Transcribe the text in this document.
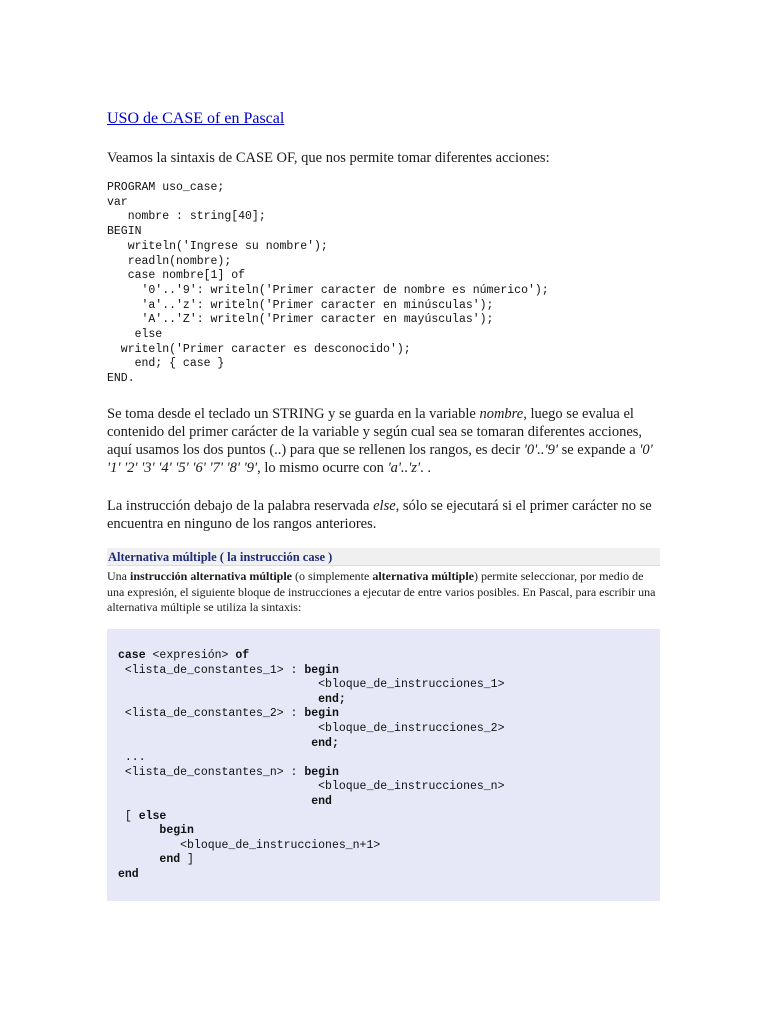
USO de CASE of en Pascal

Veamos la sintaxis de CASE OF, que nos permite tomar diferentes acciones:

PROGRAM uso_case;
var
nombre : string[40];
BEGIN
writeln('Ingrese su nombre');
readln(nombre);
case nombre[1] of
'0'..'9': writeln('Primer caracter de nombre es númerico');
'a'..'z': writeln('Primer caracter en minúsculas');
'A'..'Z': writeln('Primer caracter en mayúsculas');
else
writeln('Primer caracter es desconocido');
end; { case }
END.

Se toma desde el teclado un STRING y se guarda en la variable nombre, luego se evalua el contenido del primer carácter de la variable y según cual sea se tomaran diferentes acciones, aquí usamos los dos puntos (..) para que se rellenen los rangos, es decir '0'..'9' se expande a '0' '1' '2' '3' '4' '5' '6' '7' '8' '9', lo mismo ocurre con 'a'..'z'. .

La instrucción debajo de la palabra reservada else, sólo se ejecutará si el primer carácter no se encuentra en ninguno de los rangos anteriores.

Alternativa múltiple ( la instrucción case )

Una instrucción alternativa múltiple (o simplemente alternativa múltiple) permite seleccionar, por medio de una expresión, el siguiente bloque de instrucciones a ejecutar de entre varios posibles. En Pascal, para escribir una alternativa múltiple se utiliza la sintaxis:

case <expresión> of
<lista_de_constantes_1> : begin
<bloque_de_instrucciones_1>
end;
<lista_de_constantes_2> : begin
<bloque_de_instrucciones_2>
end;
...
<lista_de_constantes_n> : begin
<bloque_de_instrucciones_n>
end
[ else
begin
<bloque_de_instrucciones_n+1>
end ]
end
